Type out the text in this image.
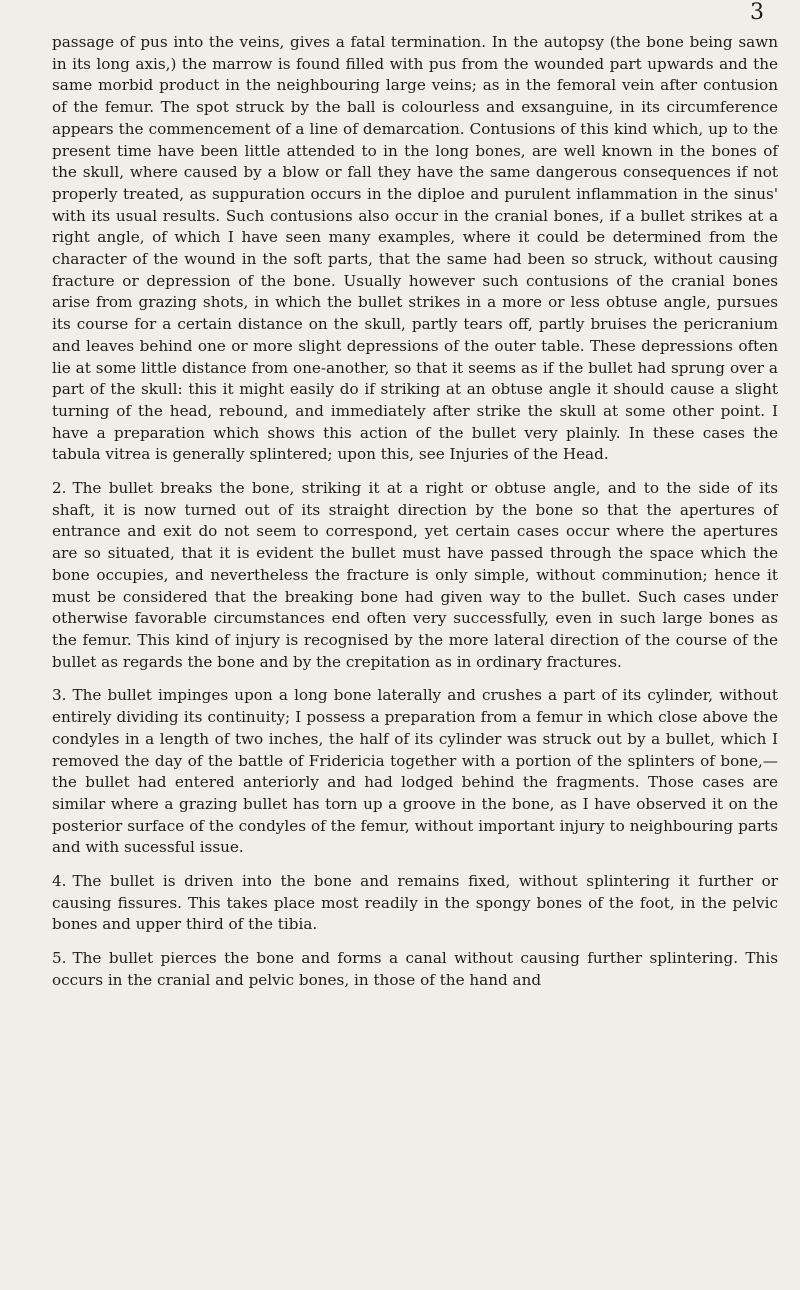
3

passage of pus into the veins, gives a fatal termination. In the autopsy (the bone being sawn in its long axis,) the marrow is found filled with pus from the wounded part upwards and the same morbid product in the neighbouring large veins; as in the femoral vein after contusion of the femur. The spot struck by the ball is colourless and exsanguine, in its circumference appears the commencement of a line of demarcation. Contusions of this kind which, up to the present time have been little attended to in the long bones, are well known in the bones of the skull, where caused by a blow or fall they have the same dangerous consequences if not properly treated, as suppuration occurs in the diploe and purulent inflammation in the sinus' with its usual results. Such contusions also occur in the cranial bones, if a bullet strikes at a right angle, of which I have seen many examples, where it could be determined from the character of the wound in the soft parts, that the same had been so struck, without causing fracture or depression of the bone. Usually however such contusions of the cranial bones arise from grazing shots, in which the bullet strikes in a more or less obtuse angle, pursues its course for a certain distance on the skull, partly tears off, partly bruises the pericranium and leaves behind one or more slight depressions of the outer table. These depressions often lie at some little distance from one-another, so that it seems as if the bullet had sprung over a part of the skull: this it might easily do if striking at an obtuse angle it should cause a slight turning of the head, rebound, and immediately after strike the skull at some other point. I have a preparation which shows this action of the bullet very plainly. In these cases the tabula vitrea is generally splintered; upon this, see Injuries of the Head.

2. The bullet breaks the bone, striking it at a right or obtuse angle, and to the side of its shaft, it is now turned out of its straight direction by the bone so that the apertures of entrance and exit do not seem to correspond, yet certain cases occur where the apertures are so situated, that it is evident the bullet must have passed through the space which the bone occupies, and nevertheless the fracture is only simple, without comminution; hence it must be considered that the breaking bone had given way to the bullet. Such cases under otherwise favorable circumstances end often very successfully, even in such large bones as the femur. This kind of injury is recognised by the more lateral direction of the course of the bullet as regards the bone and by the crepitation as in ordinary fractures.

3. The bullet impinges upon a long bone laterally and crushes a part of its cylinder, without entirely dividing its continuity; I possess a preparation from a femur in which close above the condyles in a length of two inches, the half of its cylinder was struck out by a bullet, which I removed the day of the battle of Fridericia together with a portion of the splinters of bone,—the bullet had entered anteriorly and had lodged behind the fragments. Those cases are similar where a grazing bullet has torn up a groove in the bone, as I have observed it on the posterior surface of the condyles of the femur, without important injury to neighbouring parts and with sucessful issue.

4. The bullet is driven into the bone and remains fixed, without splintering it further or causing fissures. This takes place most readily in the spongy bones of the foot, in the pelvic bones and upper third of the tibia.

5. The bullet pierces the bone and forms a canal without causing further splintering. This occurs in the cranial and pelvic bones, in those of the hand and
